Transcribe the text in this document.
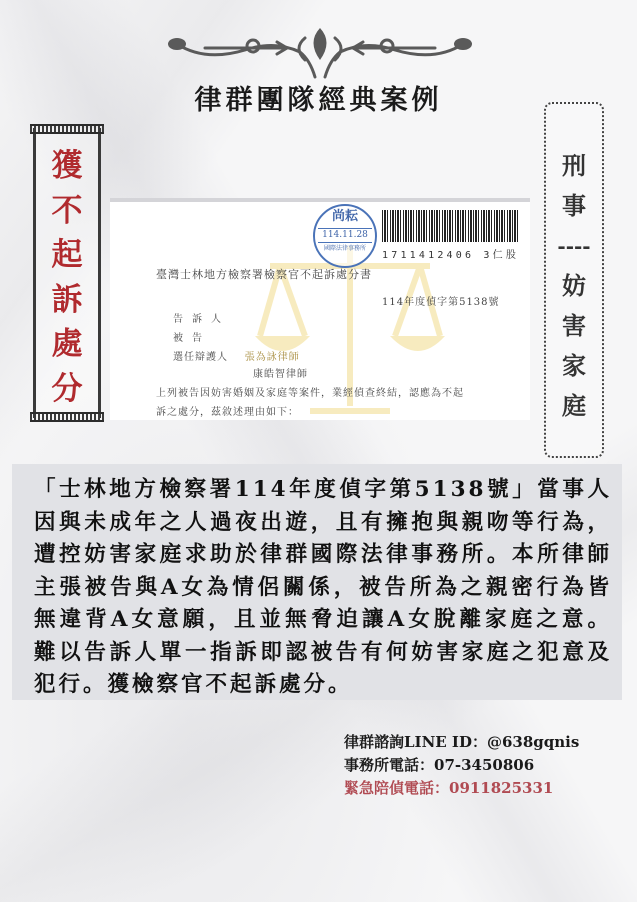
律群團隊經典案例
獲
不
起
訴
處
分
刑
事
----
妨
害
家
庭
尚耘
114.11.28
國際法律事務所
1711412406 3仁股
臺灣士林地方檢察署檢察官不起訴處分書
114年度偵字第5138號
告訴人
被告
選任辯護人 張為詠律師
康皓智律師
上列被告因妨害婚姻及家庭等案件，業經偵查終結，認應為不起
訴之處分，茲敘述理由如下：

「士林地方檢察署114年度偵字第5138號」當事人因與未成年之人過夜出遊，且有擁抱與親吻等行為，遭控妨害家庭求助於律群國際法律事務所。本所律師主張被告與A女為情侶關係，被告所為之親密行為皆無違背A女意願，且並無脅迫讓A女脫離家庭之意。難以告訴人單一指訴即認被告有何妨害家庭之犯意及犯行。獲檢察官不起訴處分。

律群諮詢LINE ID：@638gqnis
事務所電話：07-3450806
緊急陪偵電話：0911825331
